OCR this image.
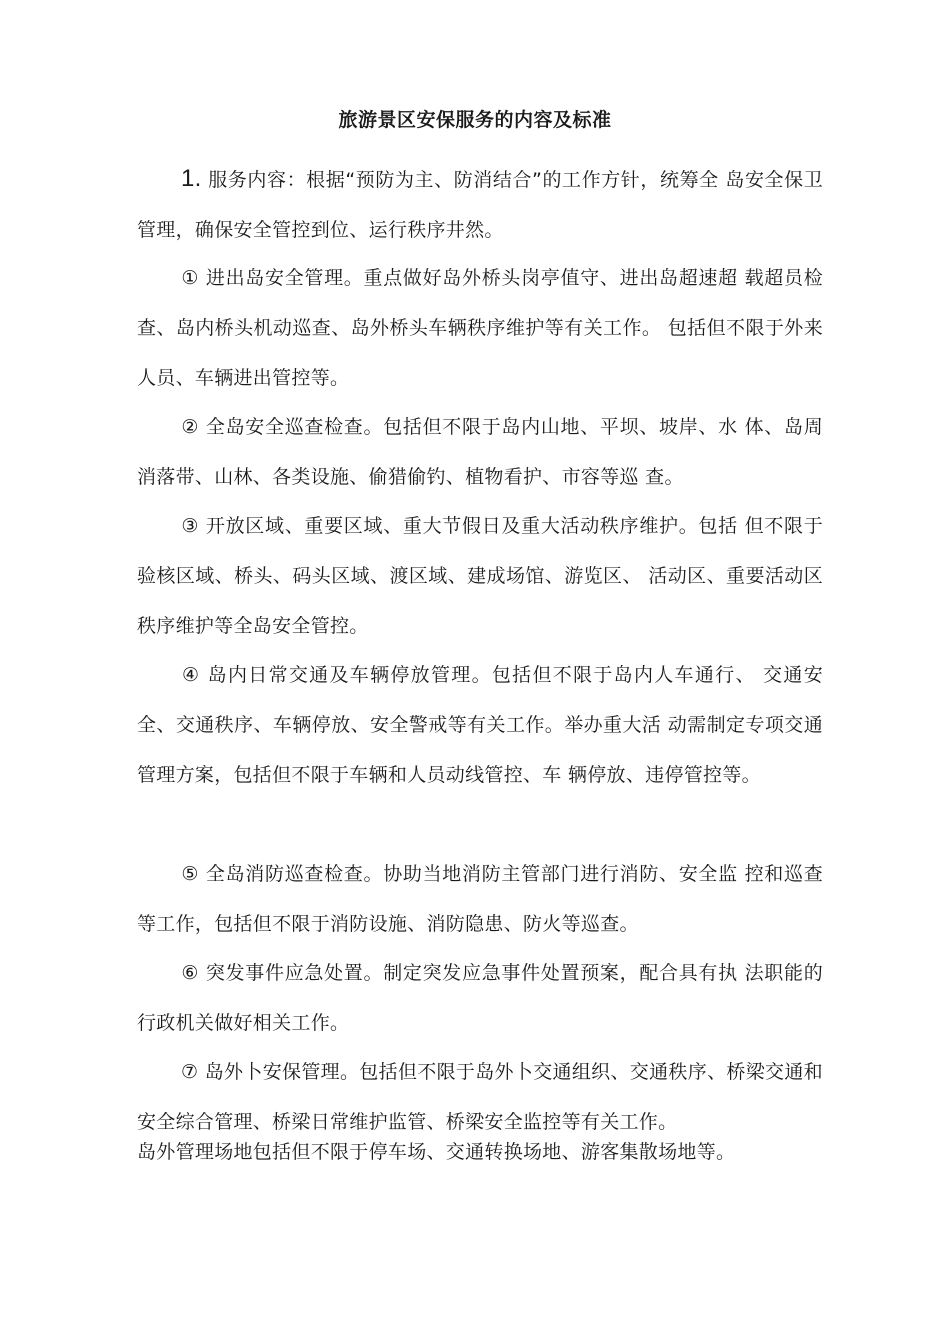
旅游景区安保服务的内容及标准

1. 服务内容：根据“预防为主、防消结合”的工作方针，统筹全 岛安全保卫管理，确保安全管控到位、运行秩序井然。

① 进出岛安全管理。重点做好岛外桥头岗亭值守、进出岛超速超 载超员检查、岛内桥头机动巡查、岛外桥头车辆秩序维护等有关工作。 包括但不限于外来人员、车辆进出管控等。

② 全岛安全巡查检查。包括但不限于岛内山地、平坝、坡岸、水 体、岛周消落带、山林、各类设施、偷猎偷钓、植物看护、市容等巡 查。

③ 开放区域、重要区域、重大节假日及重大活动秩序维护。包括 但不限于验核区域、桥头、码头区域、渡区域、建成场馆、游览区、 活动区、重要活动区秩序维护等全岛安全管控。

④ 岛内日常交通及车辆停放管理。包括但不限于岛内人车通行、 交通安全、交通秩序、车辆停放、安全警戒等有关工作。举办重大活 动需制定专项交通管理方案，包括但不限于车辆和人员动线管控、车 辆停放、违停管控等。

⑤ 全岛消防巡查检查。协助当地消防主管部门进行消防、安全监 控和巡查等工作，包括但不限于消防设施、消防隐患、防火等巡查。

⑥ 突发事件应急处置。制定突发应急事件处置预案，配合具有执 法职能的行政机关做好相关工作。

⑦ 岛外卜安保管理。包括但不限于岛外卜交通组织、交通秩序、桥梁交通和安全综合管理、桥梁日常维护监管、桥梁安全监控等有关工作。

岛外管理场地包括但不限于停车场、交通转换场地、游客集散场地等。
